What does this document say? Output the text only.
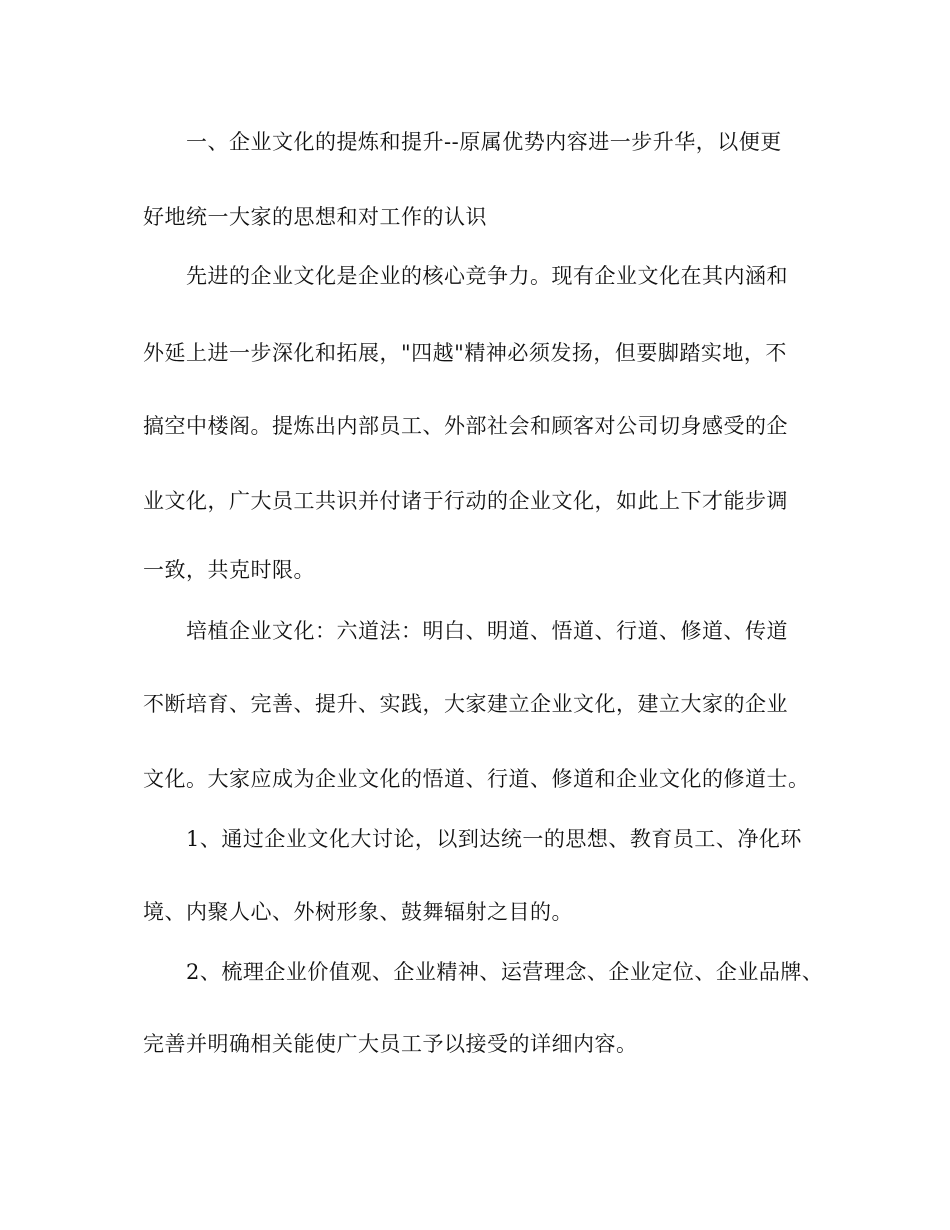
一、企业文化的提炼和提升--原属优势内容进一步升华，以便更
好地统一大家的思想和对工作的认识
先进的企业文化是企业的核心竞争力。现有企业文化在其内涵和
外延上进一步深化和拓展，"四越"精神必须发扬，但要脚踏实地，不
搞空中楼阁。提炼出内部员工、外部社会和顾客对公司切身感受的企
业文化，广大员工共识并付诸于行动的企业文化，如此上下才能步调
一致，共克时限。
培植企业文化：六道法：明白、明道、悟道、行道、修道、传道
不断培育、完善、提升、实践，大家建立企业文化，建立大家的企业
文化。大家应成为企业文化的悟道、行道、修道和企业文化的修道士。
1、通过企业文化大讨论，以到达统一的思想、教育员工、净化环
境、内聚人心、外树形象、鼓舞辐射之目的。
2、梳理企业价值观、企业精神、运营理念、企业定位、企业品牌、
完善并明确相关能使广大员工予以接受的详细内容。
